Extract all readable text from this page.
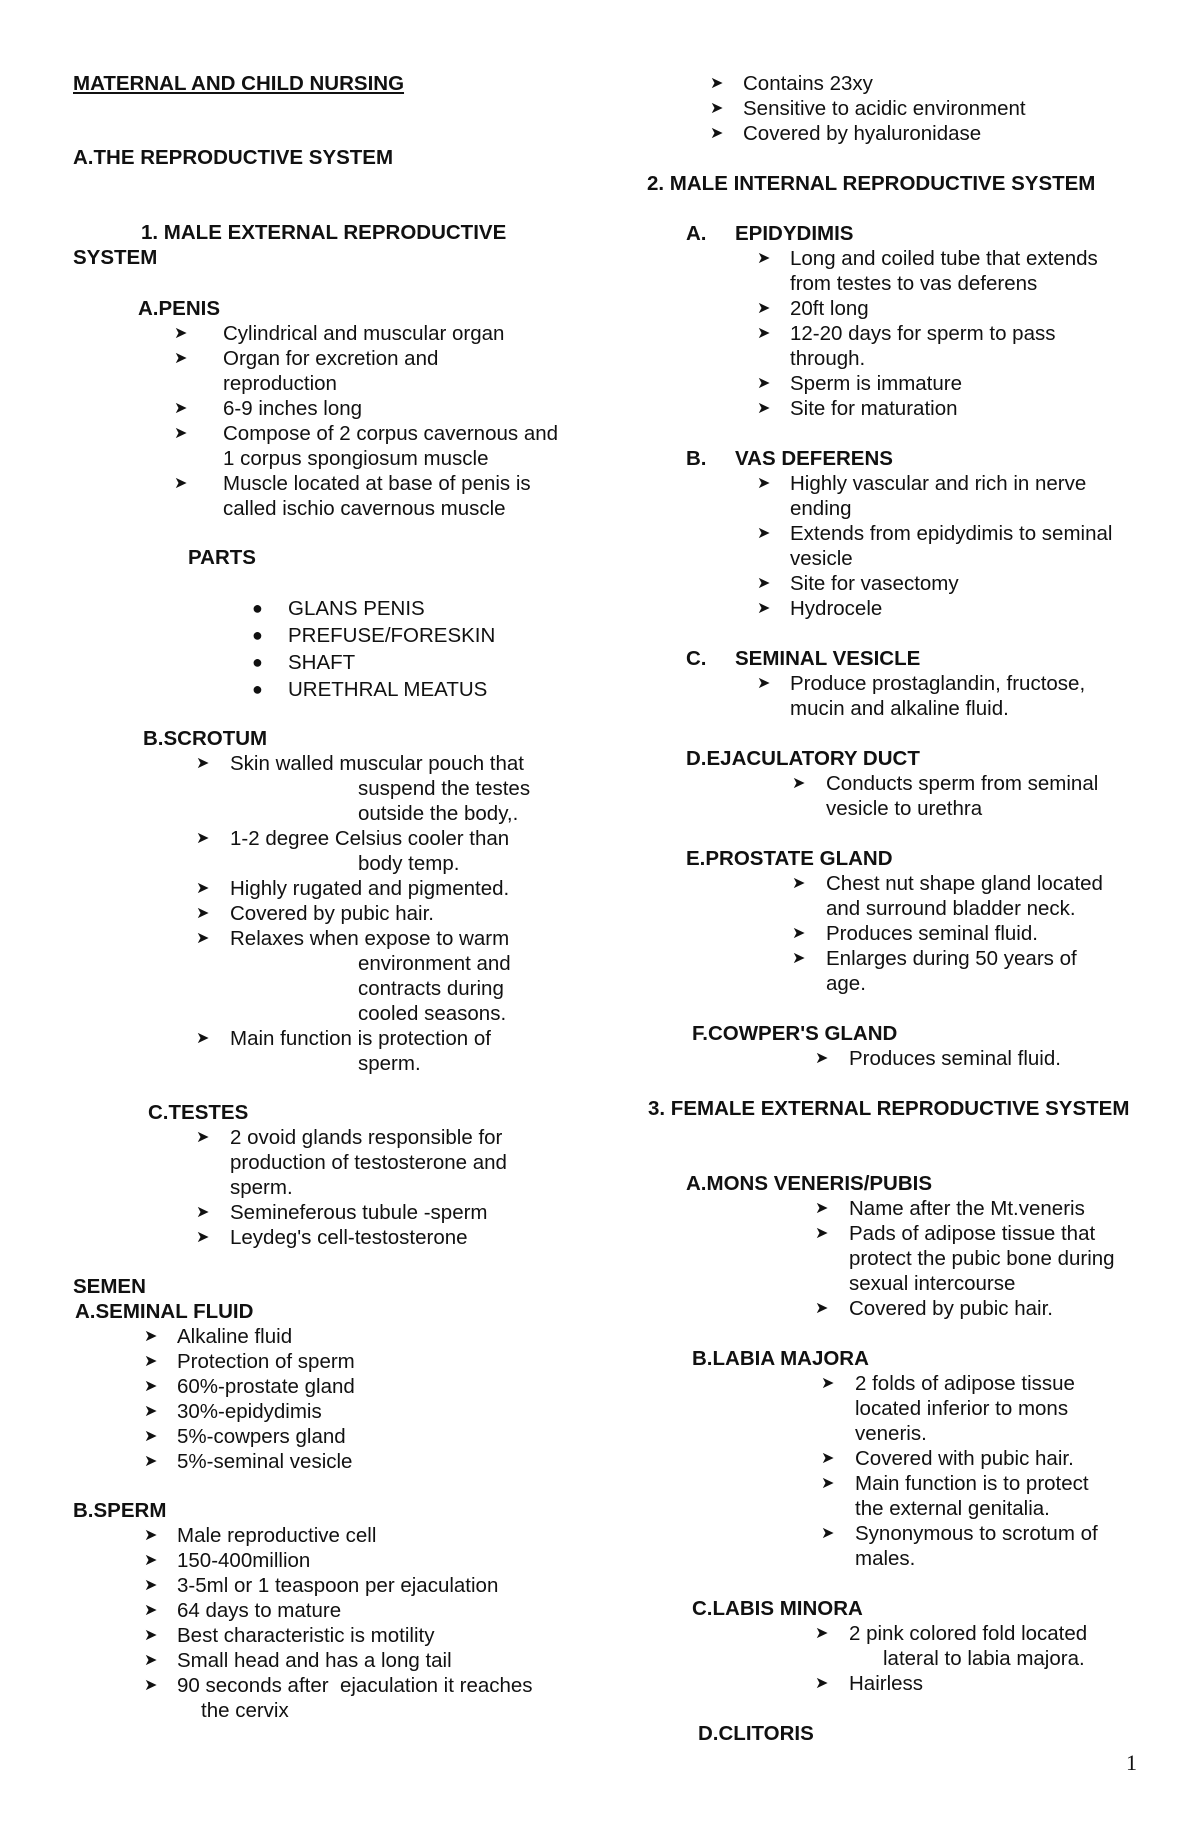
MATERNAL AND CHILD NURSING
A.THE REPRODUCTIVE SYSTEM
1. MALE EXTERNAL REPRODUCTIVE SYSTEM
A.PENIS
➤ Cylindrical and muscular organ
➤ Organ for excretion and reproduction
➤ 6-9 inches long
➤ Compose of 2 corpus cavernous and 1 corpus spongiosum muscle
➤ Muscle located at base of penis is called ischio cavernous muscle
PARTS
● GLANS PENIS
● PREFUSE/FORESKIN
● SHAFT
● URETHRAL MEATUS
B.SCROTUM
➤ Skin walled muscular pouch that
suspend the testes
outside the body,.
➤ 1-2 degree Celsius cooler than
body temp.
➤ Highly rugated and pigmented.
➤ Covered by pubic hair.
➤ Relaxes when expose to warm
environment and
contracts during
cooled seasons.
➤ Main function is protection of
sperm.
C.TESTES
➤ 2 ovoid glands responsible for production of testosterone and sperm.
➤ Semineferous tubule -sperm
➤ Leydeg's cell-testosterone
SEMEN
A.SEMINAL FLUID
➤ Alkaline fluid
➤ Protection of sperm
➤ 60%-prostate gland
➤ 30%-epidydimis
➤ 5%-cowpers gland
➤ 5%-seminal vesicle
B.SPERM
➤ Male reproductive cell
➤ 150-400million
➤ 3-5ml or 1 teaspoon per ejaculation
➤ 64 days to mature
➤ Best characteristic is motility
➤ Small head and has a long tail
➤ 90 seconds after  ejaculation it reaches
the cervix
➤ Contains 23xy
➤ Sensitive to acidic environment
➤ Covered by hyaluronidase
2. MALE INTERNAL REPRODUCTIVE SYSTEM
A. EPIDYDIMIS
➤ Long and coiled tube that extends from testes to vas deferens
➤ 20ft long
➤ 12-20 days for sperm to pass through.
➤ Sperm is immature
➤ Site for maturation
B. VAS DEFERENS
➤ Highly vascular and rich in nerve ending
➤ Extends from epidydimis to seminal vesicle
➤ Site for vasectomy
➤ Hydrocele
C. SEMINAL VESICLE
➤ Produce prostaglandin, fructose, mucin and alkaline fluid.
D.EJACULATORY DUCT
➤ Conducts sperm from seminal vesicle to urethra
E.PROSTATE GLAND
➤ Chest nut shape gland located and surround bladder neck.
➤ Produces seminal fluid.
➤ Enlarges during 50 years of age.
F.COWPER'S GLAND
➤ Produces seminal fluid.
3. FEMALE EXTERNAL REPRODUCTIVE SYSTEM
A.MONS VENERIS/PUBIS
➤ Name after the Mt.veneris
➤ Pads of adipose tissue that protect the pubic bone during sexual intercourse
➤ Covered by pubic hair.
B.LABIA MAJORA
➤ 2 folds of adipose tissue located inferior to mons veneris.
➤ Covered with pubic hair.
➤ Main function is to protect the external genitalia.
➤ Synonymous to scrotum of males.
C.LABIS MINORA
➤ 2 pink colored fold located
lateral to labia majora.
➤ Hairless
D.CLITORIS
1
